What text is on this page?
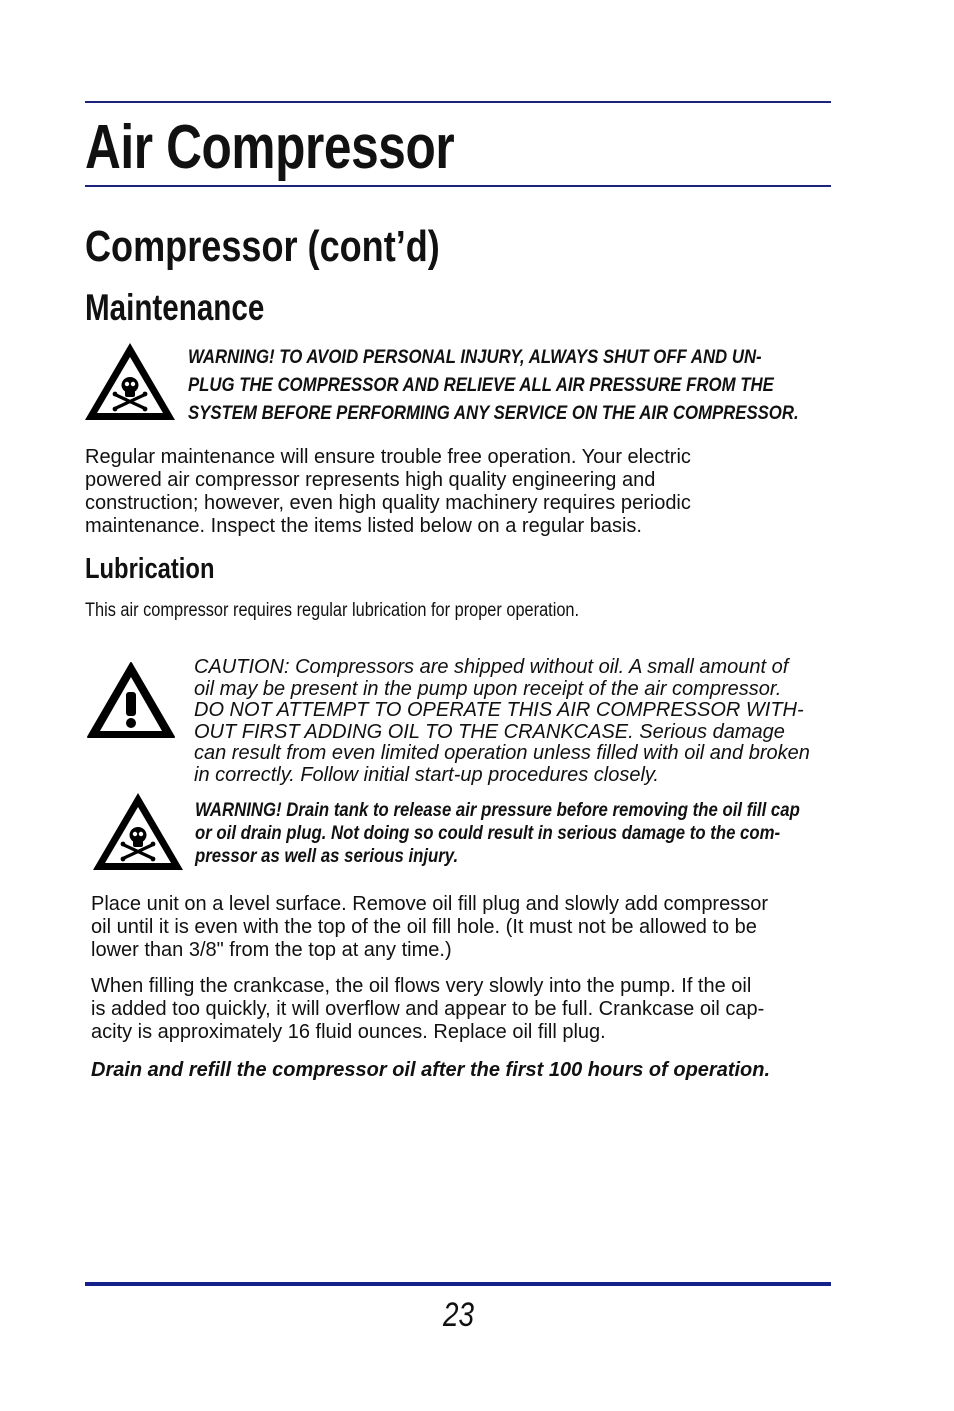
Air Compressor
Compressor (cont’d)
Maintenance
WARNING! TO AVOID PERSONAL INJURY, ALWAYS SHUT OFF AND UN-
PLUG THE COMPRESSOR AND RELIEVE ALL AIR PRESSURE FROM THE
SYSTEM BEFORE PERFORMING ANY SERVICE ON THE AIR COMPRESSOR.
Regular maintenance will ensure trouble free operation. Your electric
powered air compressor represents high quality engineering and
construction; however, even high quality machinery requires periodic
maintenance. Inspect the items listed below on a regular basis.
Lubrication

This air compressor requires regular lubrication for proper operation.

CAUTION: Compressors are shipped without oil. A small amount of
oil may be present in the pump upon receipt of the air compressor.
DO NOT ATTEMPT TO OPERATE THIS AIR COMPRESSOR WITH-
OUT FIRST ADDING OIL TO THE CRANKCASE. Serious damage
can result from even limited operation unless filled with oil and broken
in correctly. Follow initial start-up procedures closely.
WARNING! Drain tank to release air pressure before removing the oil fill cap
or oil drain plug. Not doing so could result in serious damage to the com-
pressor as well as serious injury.
Place unit on a level surface. Remove oil fill plug and slowly add compressor
oil until it is even with the top of the oil fill hole. (It must not be allowed to be
lower than 3/8" from the top at any time.)
When filling the crankcase, the oil flows very slowly into the pump. If the oil
is added too quickly, it will overflow and appear to be full. Crankcase oil cap-
acity is approximately 16 fluid ounces. Replace oil fill plug.

Drain and refill the compressor oil after the first 100 hours of operation.

23
